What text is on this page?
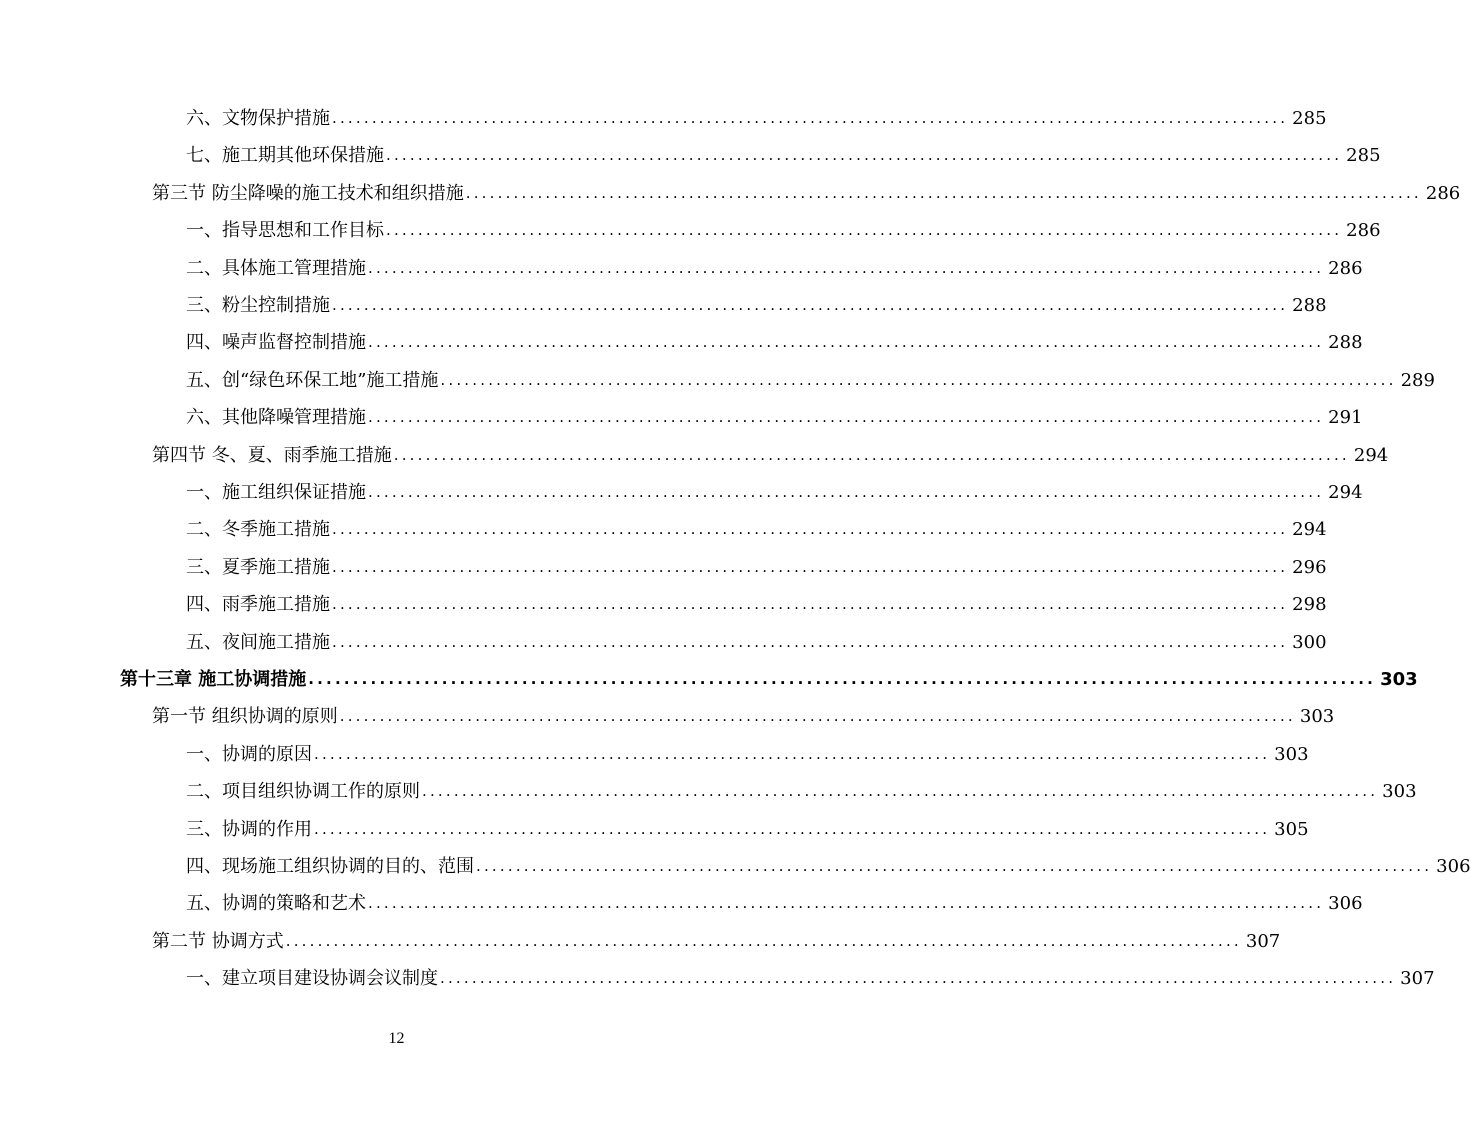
六、文物保护措施 ........................................................................................................................ 285
七、施工期其他环保措施 ........................................................................................................................ 285
第三节 防尘降噪的施工技术和组织措施 ........................................................................................................................ 286
一、指导思想和工作目标 ........................................................................................................................ 286
二、具体施工管理措施 ........................................................................................................................ 286
三、粉尘控制措施 ........................................................................................................................ 288
四、噪声监督控制措施 ........................................................................................................................ 288
五、创“绿色环保工地”施工措施 ........................................................................................................................ 289
六、其他降噪管理措施 ........................................................................................................................ 291
第四节 冬、夏、雨季施工措施 ........................................................................................................................ 294
一、施工组织保证措施 ........................................................................................................................ 294
二、冬季施工措施 ........................................................................................................................ 294
三、夏季施工措施 ........................................................................................................................ 296
四、雨季施工措施 ........................................................................................................................ 298
五、夜间施工措施 ........................................................................................................................ 300
第十三章 施工协调措施 ........................................................................................................................ 303
第一节 组织协调的原则 ........................................................................................................................ 303
一、协调的原因 ........................................................................................................................ 303
二、项目组织协调工作的原则 ........................................................................................................................ 303
三、协调的作用 ........................................................................................................................ 305
四、现场施工组织协调的目的、范围 ........................................................................................................................ 306
五、协调的策略和艺术 ........................................................................................................................ 306
第二节 协调方式 ........................................................................................................................ 307
一、建立项目建设协调会议制度 ........................................................................................................................ 307
12
